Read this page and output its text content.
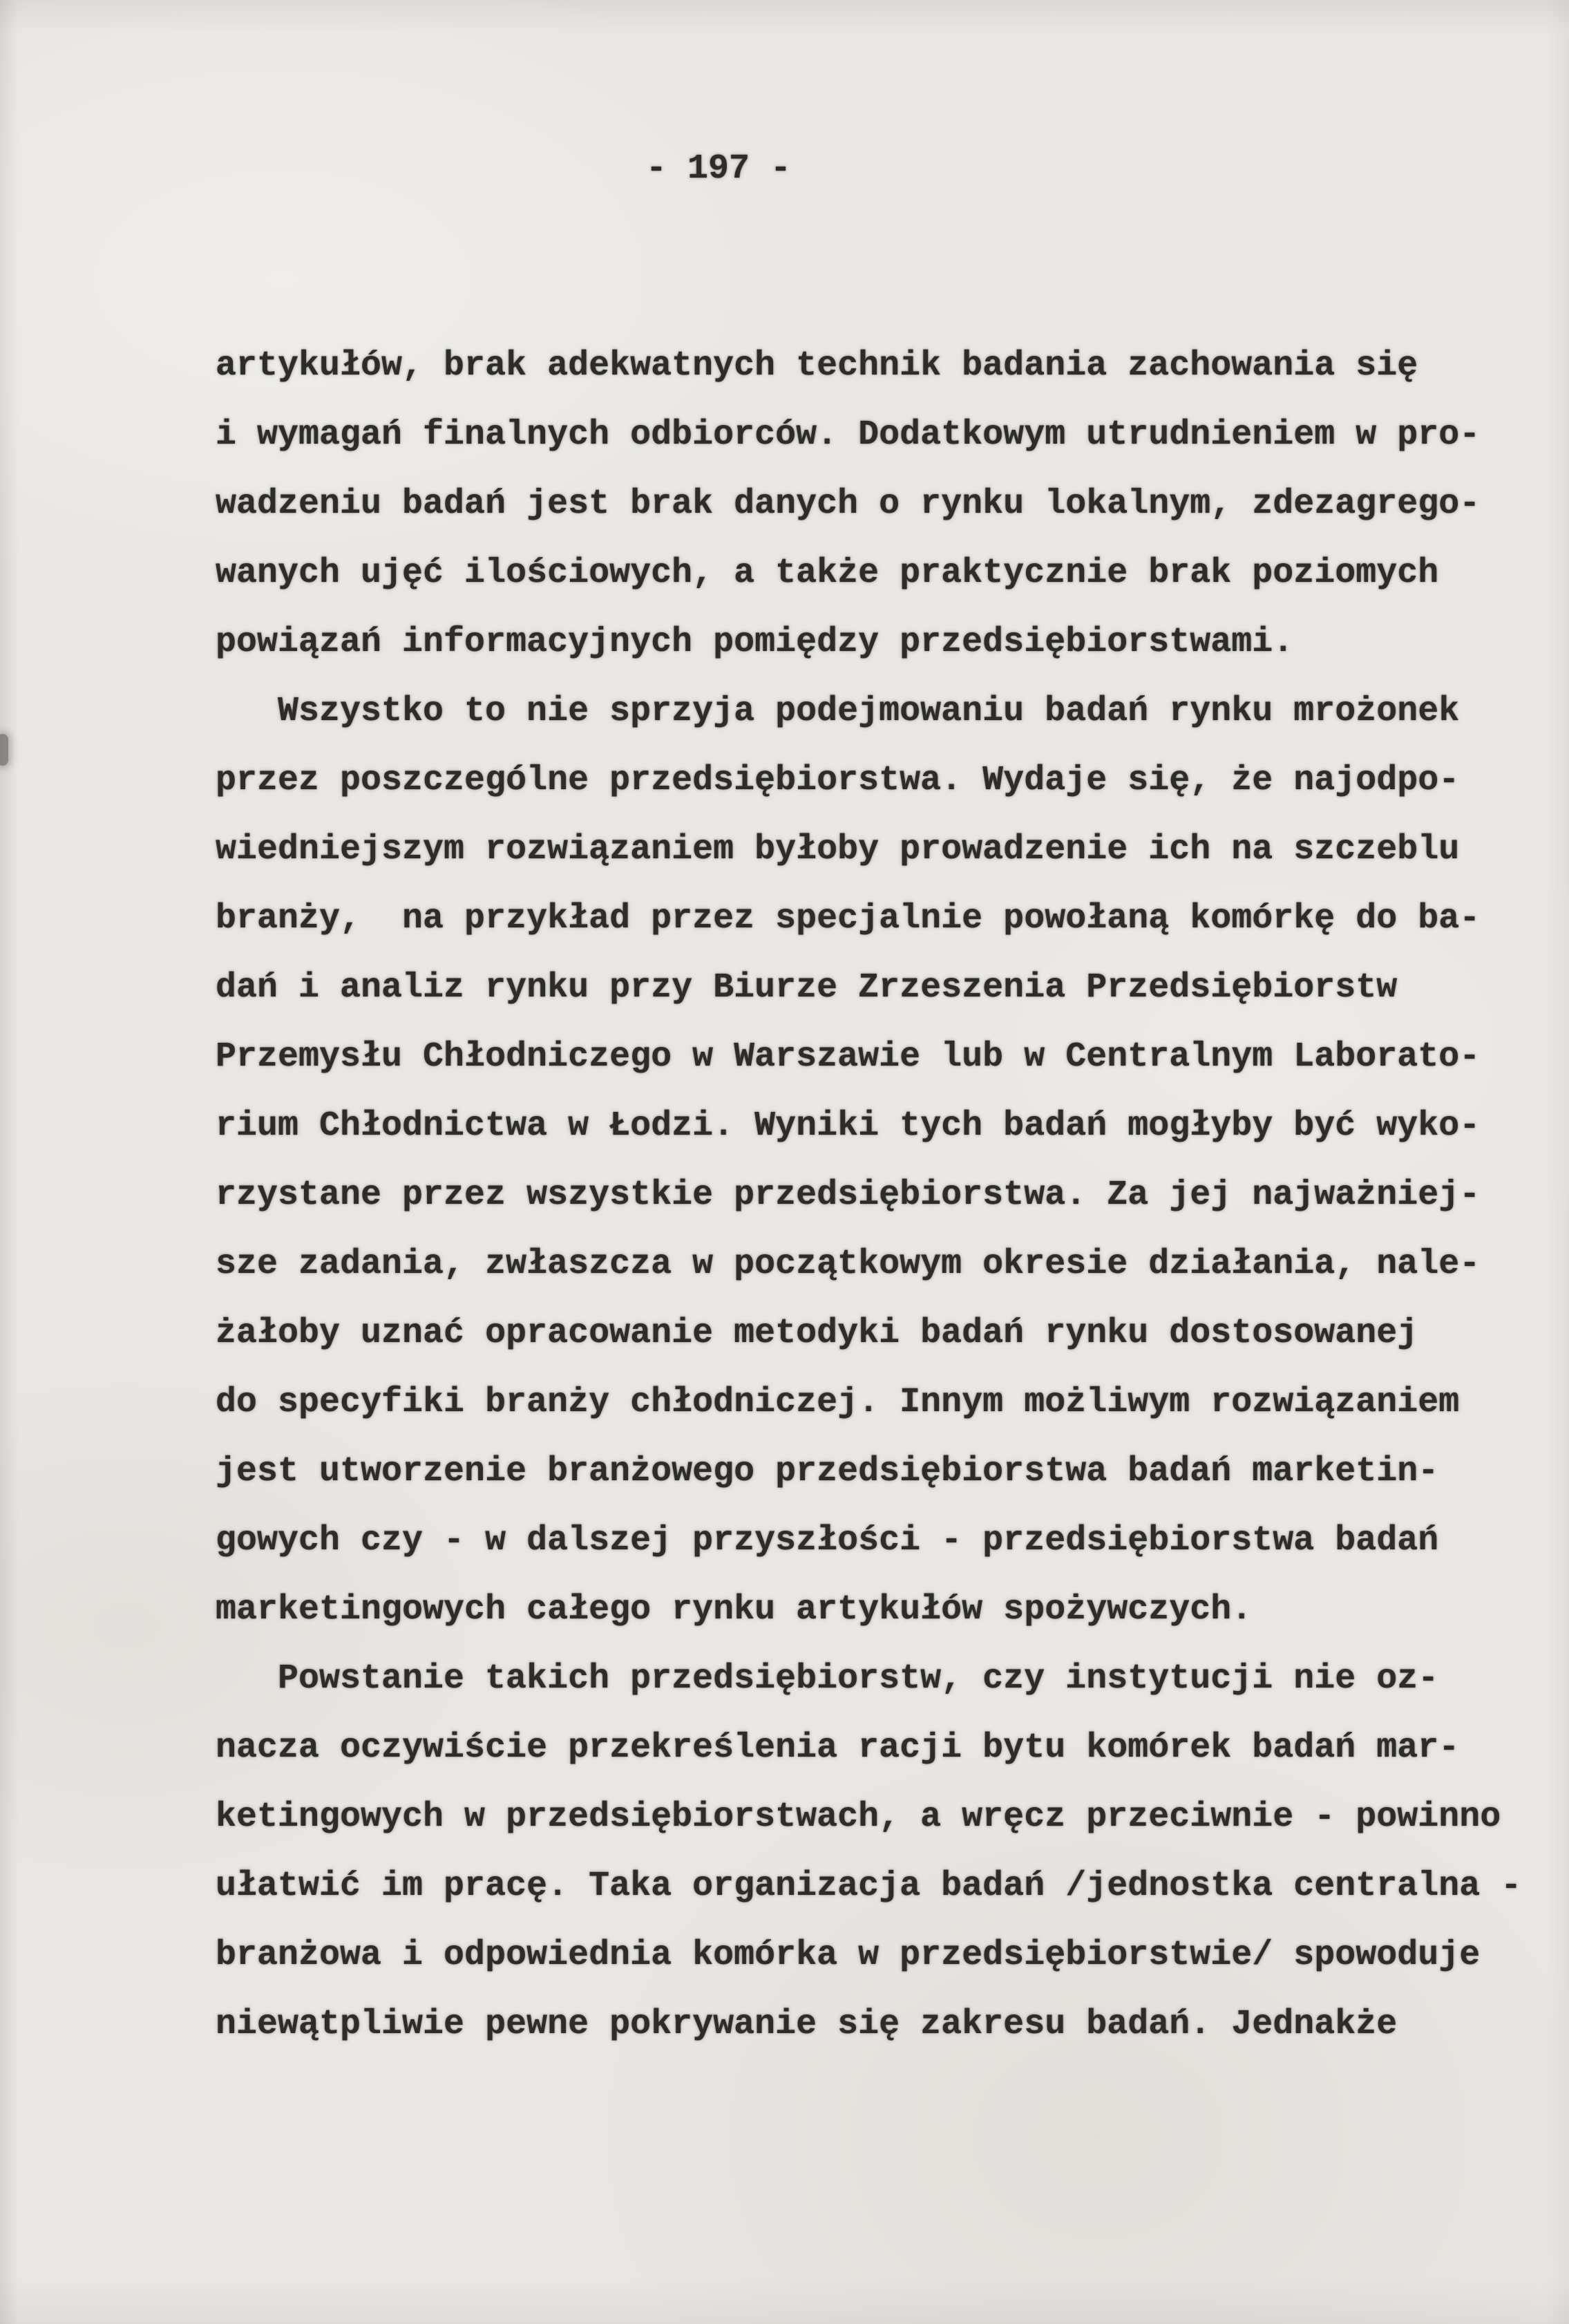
- 197 -
artykułów, brak adekwatnych technik badania zachowania się
i wymagań finalnych odbiorców. Dodatkowym utrudnieniem w pro-
wadzeniu badań jest brak danych o rynku lokalnym, zdezagrego-
wanych ujęć ilościowych, a także praktycznie brak poziomych
powiązań informacyjnych pomiędzy przedsiębiorstwami.
Wszystko to nie sprzyja podejmowaniu badań rynku mrożonek
przez poszczególne przedsiębiorstwa. Wydaje się, że najodpo-
wiedniejszym rozwiązaniem byłoby prowadzenie ich na szczeblu
branży,  na przykład przez specjalnie powołaną komórkę do ba-
dań i analiz rynku przy Biurze Zrzeszenia Przedsiębiorstw
Przemysłu Chłodniczego w Warszawie lub w Centralnym Laborato-
rium Chłodnictwa w Łodzi. Wyniki tych badań mogłyby być wyko-
rzystane przez wszystkie przedsiębiorstwa. Za jej najważniej-
sze zadania, zwłaszcza w początkowym okresie działania, nale-
żałoby uznać opracowanie metodyki badań rynku dostosowanej
do specyfiki branży chłodniczej. Innym możliwym rozwiązaniem
jest utworzenie branżowego przedsiębiorstwa badań marketin-
gowych czy - w dalszej przyszłości - przedsiębiorstwa badań
marketingowych całego rynku artykułów spożywczych.
Powstanie takich przedsiębiorstw, czy instytucji nie oz-
nacza oczywiście przekreślenia racji bytu komórek badań mar-
ketingowych w przedsiębiorstwach, a wręcz przeciwnie - powinno
ułatwić im pracę. Taka organizacja badań /jednostka centralna -
branżowa i odpowiednia komórka w przedsiębiorstwie/ spowoduje
niewątpliwie pewne pokrywanie się zakresu badań. Jednakże
